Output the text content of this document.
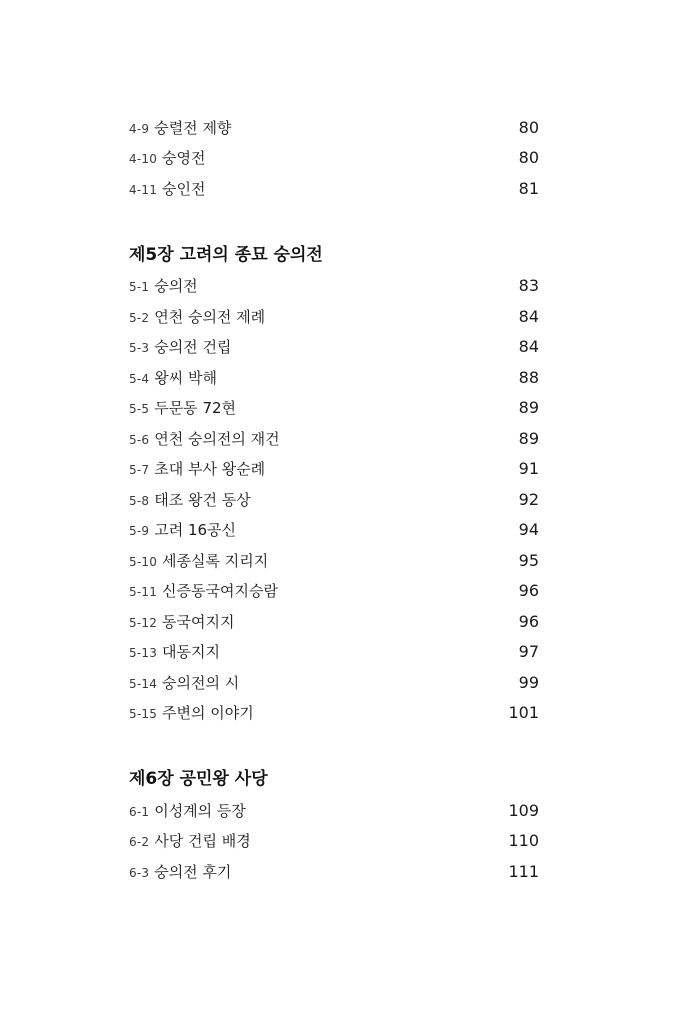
4-9 숭렬전 제향	80
4-10 숭영전	80
4-11 숭인전	81
제5장 고려의 종묘 숭의전
5-1 숭의전	83
5-2 연천 숭의전 제례	84
5-3 숭의전 건립	84
5-4 왕씨 박해	88
5-5 두문동 72현	89
5-6 연천 숭의전의 재건	89
5-7 초대 부사 왕순례	91
5-8 태조 왕건 동상	92
5-9 고려 16공신	94
5-10 세종실록 지리지	95
5-11 신증동국여지승람	96
5-12 동국여지지	96
5-13 대동지지	97
5-14 숭의전의 시	99
5-15 주변의 이야기	101
제6장 공민왕 사당
6-1 이성계의 등장	109
6-2 사당 건립 배경	110
6-3 숭의전 후기	111
